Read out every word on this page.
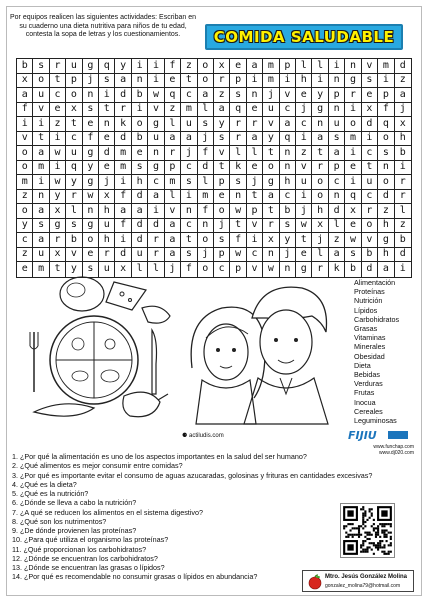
Por equipos realicen las siguientes actividades: Escriban en su cuaderno una dieta nutritiva para niños de tu edad, contesta la sopa de letras y los cuestionamientos.	COMIDA SALUDABLE
b	s	r	u	g	q	y	i	i	f	z	o	x	e	a	m	p	l	l	i	n	v	m	d
x	o	t	p	j	s	a	n	i	e	t	o	r	p	i	m	i	h	i	n	g	s	i	z
a	u	c	o	n	i	d	b	w	q	c	a	z	s	n	j	v	e	y	p	r	e	p	a
f	v	e	x	s	t	r	i	v	z	m	l	a	q	e	u	c	j	g	n	i	x	f	j
i	i	z	t	e	n	k	o	g	l	u	s	y	r	r	v	a	c	n	u	o	d	q	x
v	t	i	c	f	e	d	b	u	a	a	j	s	r	a	y	q	i	a	s	m	i	o	h
o	a	w	u	g	d	m	e	n	r	j	f	v	l	l	t	n	z	t	a	i	c	s	b
o	m	i	q	y	e	m	s	g	p	c	d	t	k	e	o	n	v	r	p	e	t	n	i
m	i	w	y	g	j	i	h	c	m	s	l	p	s	j	g	h	u	o	c	i	u	o	r
z	n	y	r	w	x	f	d	a	l	i	m	e	n	t	a	c	i	o	n	q	c	d	r
o	a	x	l	n	h	a	a	i	v	n	f	o	w	p	t	b	j	h	d	x	r	z	l
y	s	g	s	g	u	f	d	d	a	c	n	j	t	v	r	s	w	x	l	e	o	h	z
c	a	r	b	o	h	i	d	r	a	t	o	s	f	i	x	y	t	j	z	w	v	g	b
z	u	x	v	e	r	d	u	r	a	s	j	p	w	c	n	j	e	l	a	s	b	h	d
e	m	t	y	s	u	x	l	l	j	f	o	c	p	v	w	n	g	r	k	b	d	a	i
Alimentación
Proteínas
Nutrición
Lípidos
Carbohidratos
Grasas
Vitaminas
Minerales
Obesidad
Dieta
Bebidas
Verduras
Frutas
Inocua
Cereales
Leguminosas
⚈ actiludis.com	FIJIU
www.funchap.com
www.dj020.com
1. ¿Por qué la alimentación es uno de los aspectos importantes en la salud del ser humano?
2. ¿Qué alimentos es mejor consumir entre comidas?
3. ¿Por qué es importante evitar el consumo de aguas azucaradas, golosinas y frituras en cantidades excesivas?
4. ¿Qué es la dieta?
5. ¿Qué es la nutrición?
6. ¿Dónde se lleva a cabo la nutrición?
7. ¿A qué se reducen los alimentos en el sistema digestivo?
8. ¿Qué son los nutrimentos?
9. ¿De dónde provienen las proteínas?
10. ¿Para qué utiliza el organismo las proteínas?
11. ¿Qué proporcionan los carbohidratos?
12. ¿Dónde se encuentran los carbohidratos?
13. ¿Dónde se encuentran las grasas o lípidos?
14. ¿Por qué es recomendable no consumir grasas o lípidos en abundancia?	Mtro. Jesús González Molina
gonzalez_molina79@hotmail.com
